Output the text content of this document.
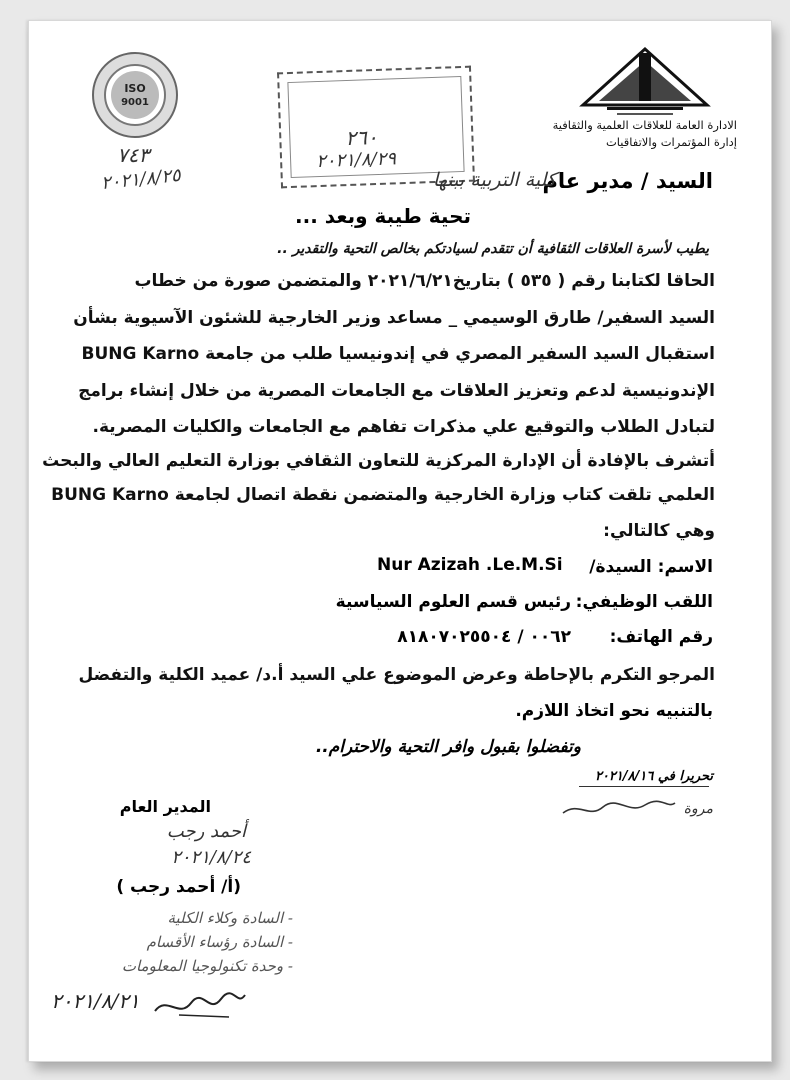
ISO
9001
الادارة العامة للعلاقات العلمية والثقافية
إدارة المؤتمرات والاتفاقيات
٢٦٠
٢٠٢١/٨/٢٩
٧٤٣
٢٠٢١/٨/٢٥	السيد / مدير عام
كلية التربية ببنها
تحية طيبة وبعد ...
يطيب لأسرة العلاقات الثقافية أن تتقدم لسيادتكم بخالص التحية والتقدير ..
الحاقا لكتابنا رقم ( ٥٣٥ ) بتاريخ٢٠٢١/٦/٢١ والمتضمن صورة من خطاب
السيد السفير/ طارق الوسيمي _ مساعد وزير الخارجية للشئون الآسيوية بشأن
استقبال السيد السفير المصري في إندونيسيا طلب من جامعة BUNG Karno
الإندونيسية لدعم وتعزيز العلاقات مع الجامعات المصرية من خلال إنشاء برامج
لتبادل الطلاب والتوقيع علي مذكرات تفاهم مع الجامعات والكليات المصرية.
أتشرف بالإفادة أن الإدارة المركزية للتعاون الثقافي بوزارة التعليم العالي والبحث
العلمي تلقت كتاب وزارة الخارجية والمتضمن نقطة اتصال لجامعة BUNG Karno
وهي كالتالي:
الاسم: السيدة/
Nur Azizah .Le.M.Si
اللقب الوظيفي:
رئيس قسم العلوم السياسية
رقم الهاتف:
٠٠٦٢ / ٨١٨٠٧٠٢٥٥٠٤
المرجو التكرم بالإحاطة وعرض الموضوع علي السيد أ.د/ عميد الكلية والتفضل
بالتنبيه نحو اتخاذ اللازم.
وتفضلوا بقبول وافر التحية والاحترام..
تحريرا في ٢٠٢١/٨/١٦
مروة
المدير العام
أحمد رجب
٢٠٢١/٨/٢٤
(أ/ أحمد رجب )
- السادة وكلاء الكلية
- السادة رؤساء الأقسام
- وحدة تكنولوجيا المعلومات
٢٠٢١/٨/٢١
